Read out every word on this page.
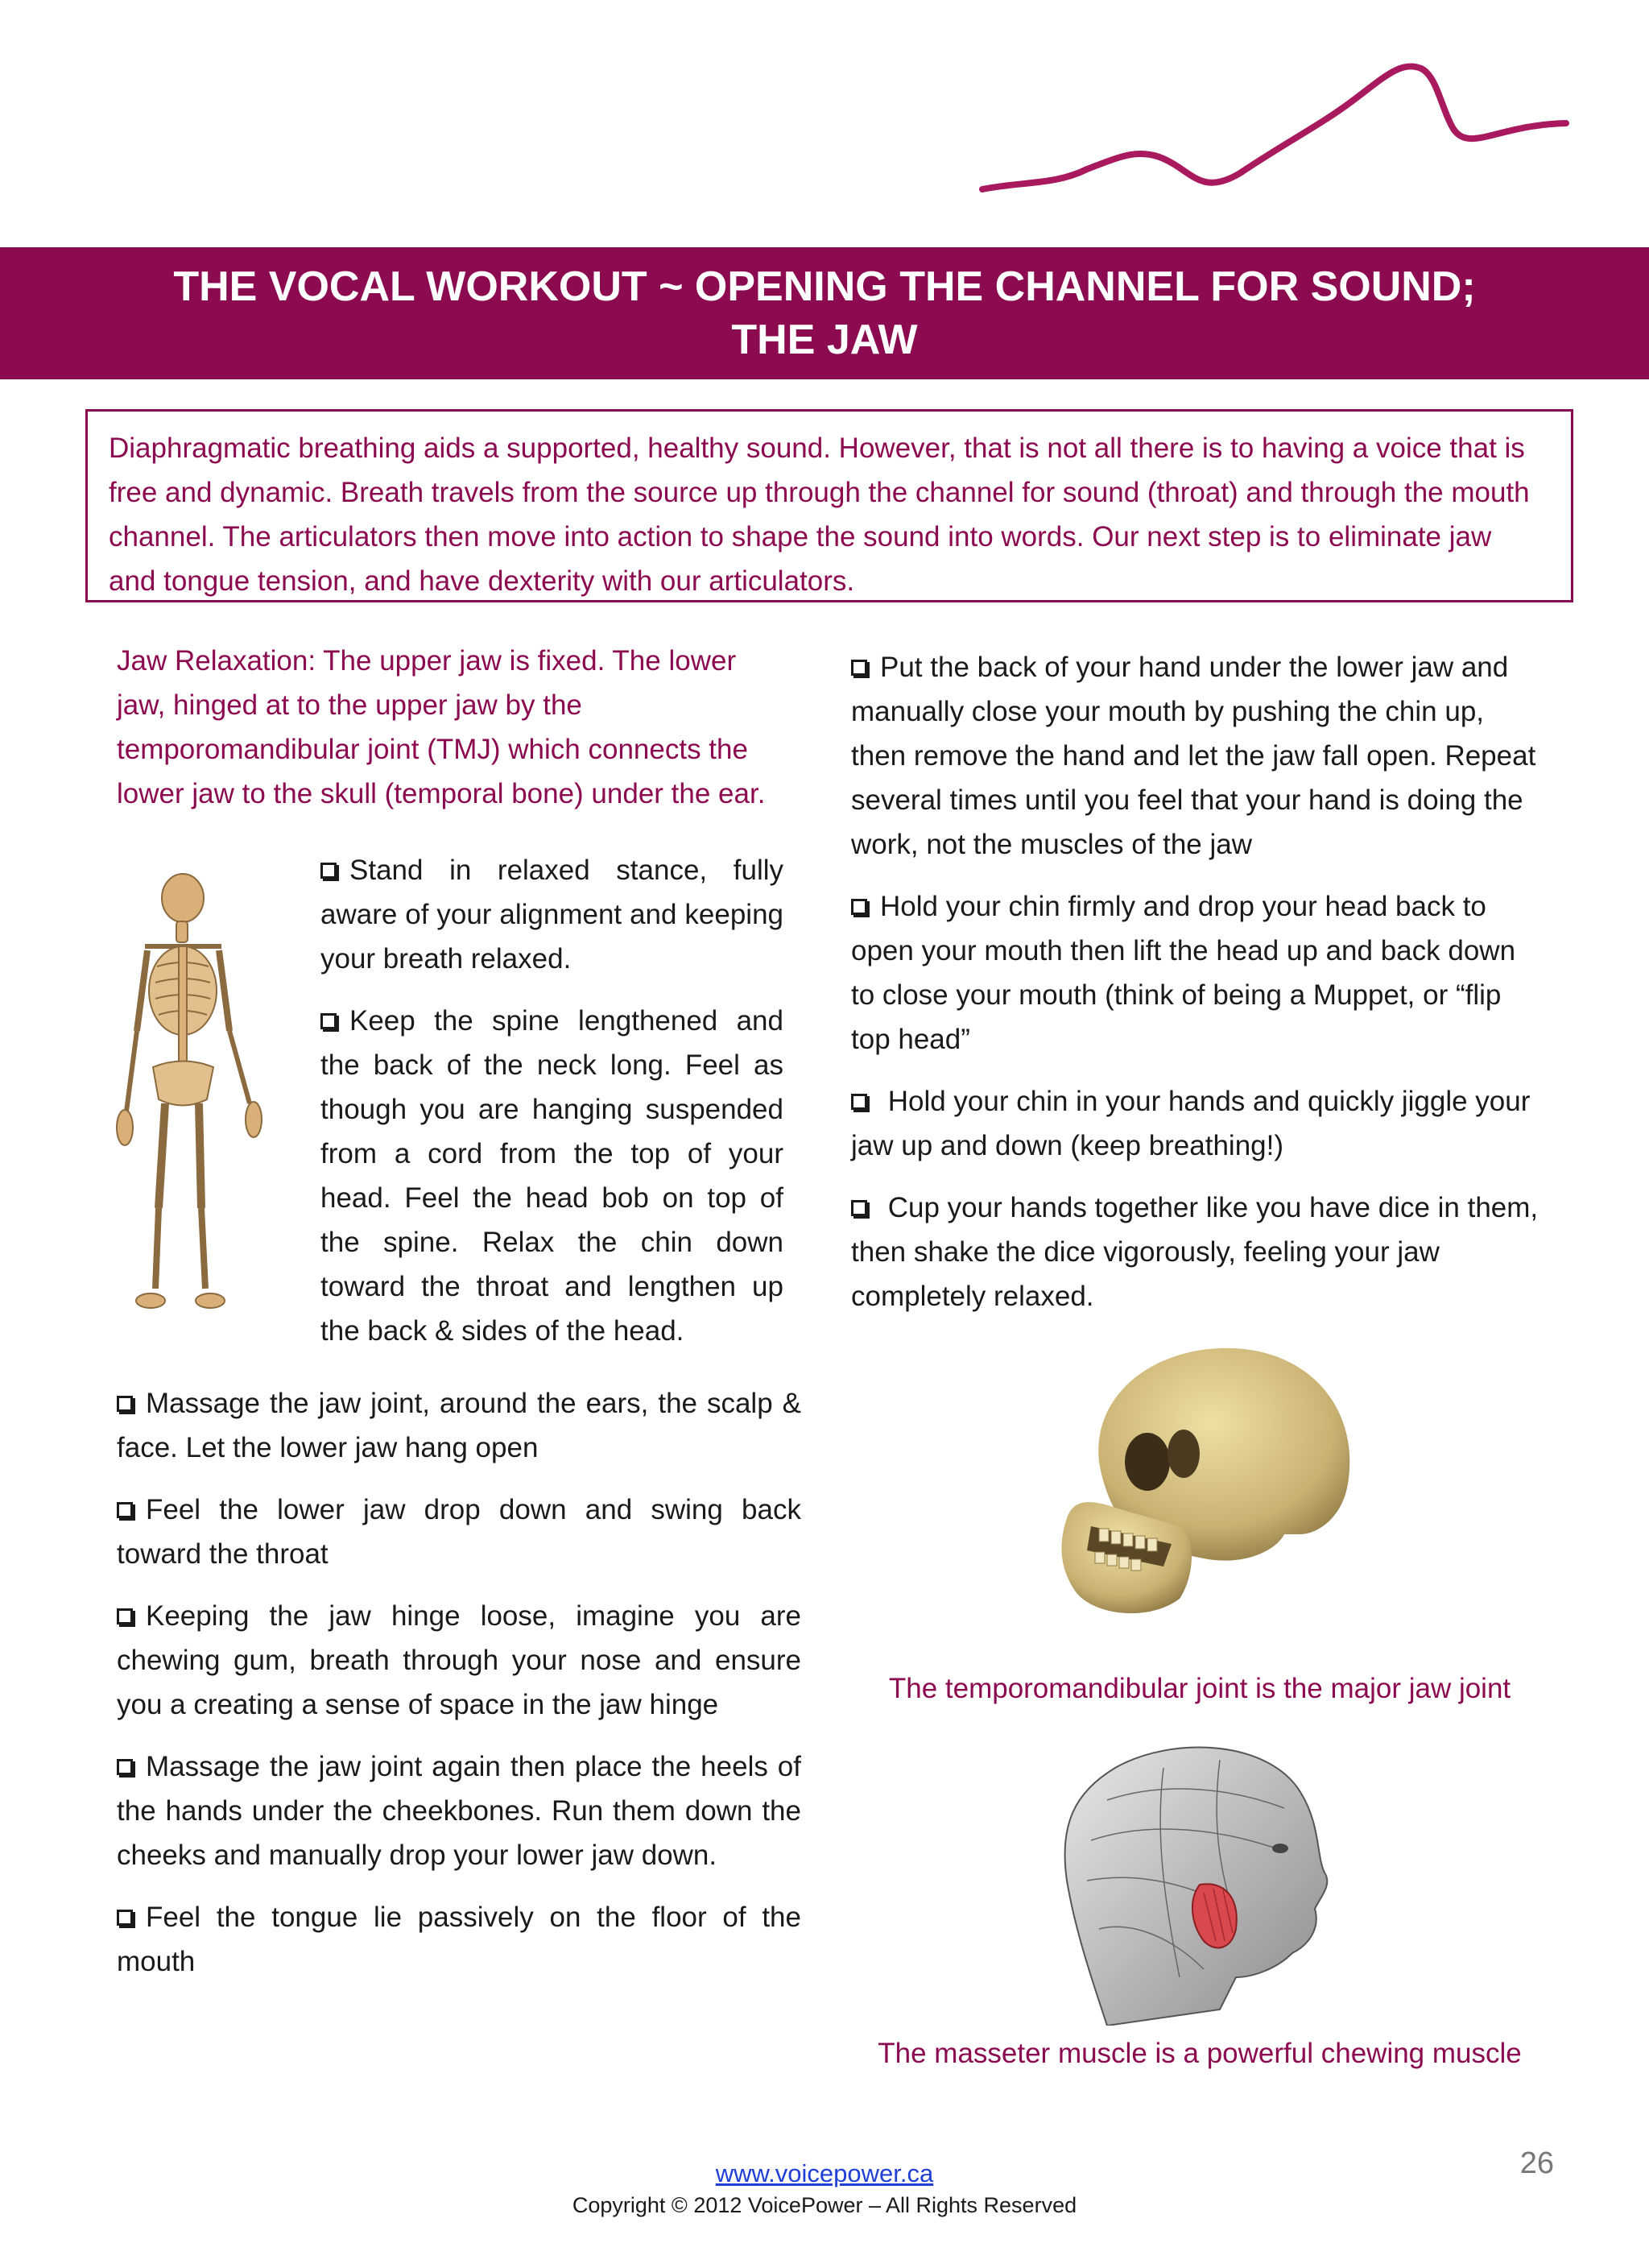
THE VOCAL WORKOUT ~ OPENING THE CHANNEL FOR SOUND;
THE JAW
Diaphragmatic breathing aids a supported, healthy sound. However, that is not all there is to having a voice that is
free and dynamic. Breath travels from the source up through the channel for sound (throat) and through the mouth
channel. The articulators then move into action to shape the sound into words. Our next step is to eliminate jaw
and tongue tension, and have dexterity with our articulators.
Jaw Relaxation: The upper jaw is fixed. The lower
jaw, hinged at to the upper jaw by the
temporomandibular joint (TMJ) which connects the
lower jaw to the skull (temporal bone) under the ear.

Stand in relaxed stance, fully aware of your alignment and keeping your breath relaxed.

Keep the spine lengthened and the back of the neck long. Feel as though you are hanging suspended from a cord from the top of your head. Feel the head bob on top of the spine. Relax the chin down toward the throat and lengthen up the back & sides of the head.

Massage the jaw joint, around the ears, the scalp & face. Let the lower jaw hang open

Feel the lower jaw drop down and swing back toward the throat

Keeping the jaw hinge loose, imagine you are chewing gum, breath through your nose and ensure you a creating a sense of space in the jaw hinge

Massage the jaw joint again then place the heels of the hands under the cheekbones. Run them down the cheeks and manually drop your lower jaw down.

Feel the tongue lie passively on the floor of the mouth

Put the back of your hand under the lower jaw and manually close your mouth by pushing the chin up, then remove the hand and let the jaw fall open. Repeat several times until you feel that your hand is doing the work, not the muscles of the jaw

Hold your chin firmly and drop your head back to open your mouth then lift the head up and back down to close your mouth (think of being a Muppet, or “flip top head”

Hold your chin in your hands and quickly jiggle your jaw up and down (keep breathing!)

Cup your hands together like you have dice in them, then shake the dice vigorously, feeling your jaw completely relaxed.

The temporomandibular joint is the major jaw joint
The masseter muscle is a powerful chewing muscle
26
www.voicepower.ca
Copyright © 2012 VoicePower – All Rights Reserved
